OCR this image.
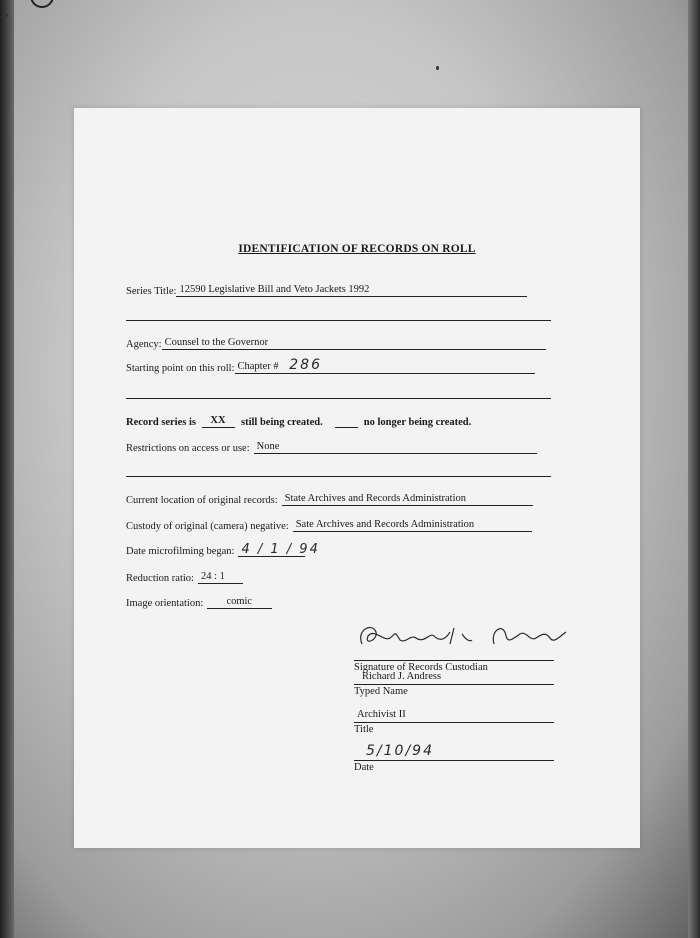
IDENTIFICATION OF RECORDS ON ROLL
Series Title: 12590 Legislative Bill and Veto Jackets 1992
Agency: Counsel to the Governor
Starting point on this roll: Chapter # 286
Record series is	XX	still being created.	no longer being created.
Restrictions on access or use: None
Current location of original records: State Archives and Records Administration
Custody of original (camera) negative: Sate Archives and Records Administration
Date microfilming began: 4 / 1 / 94
Reduction ratio: 24 : 1
Image orientation:	comic
Signature of Records Custodian
Richard J. Andress
Typed Name
Archivist II
Title
5/10/94
Date
